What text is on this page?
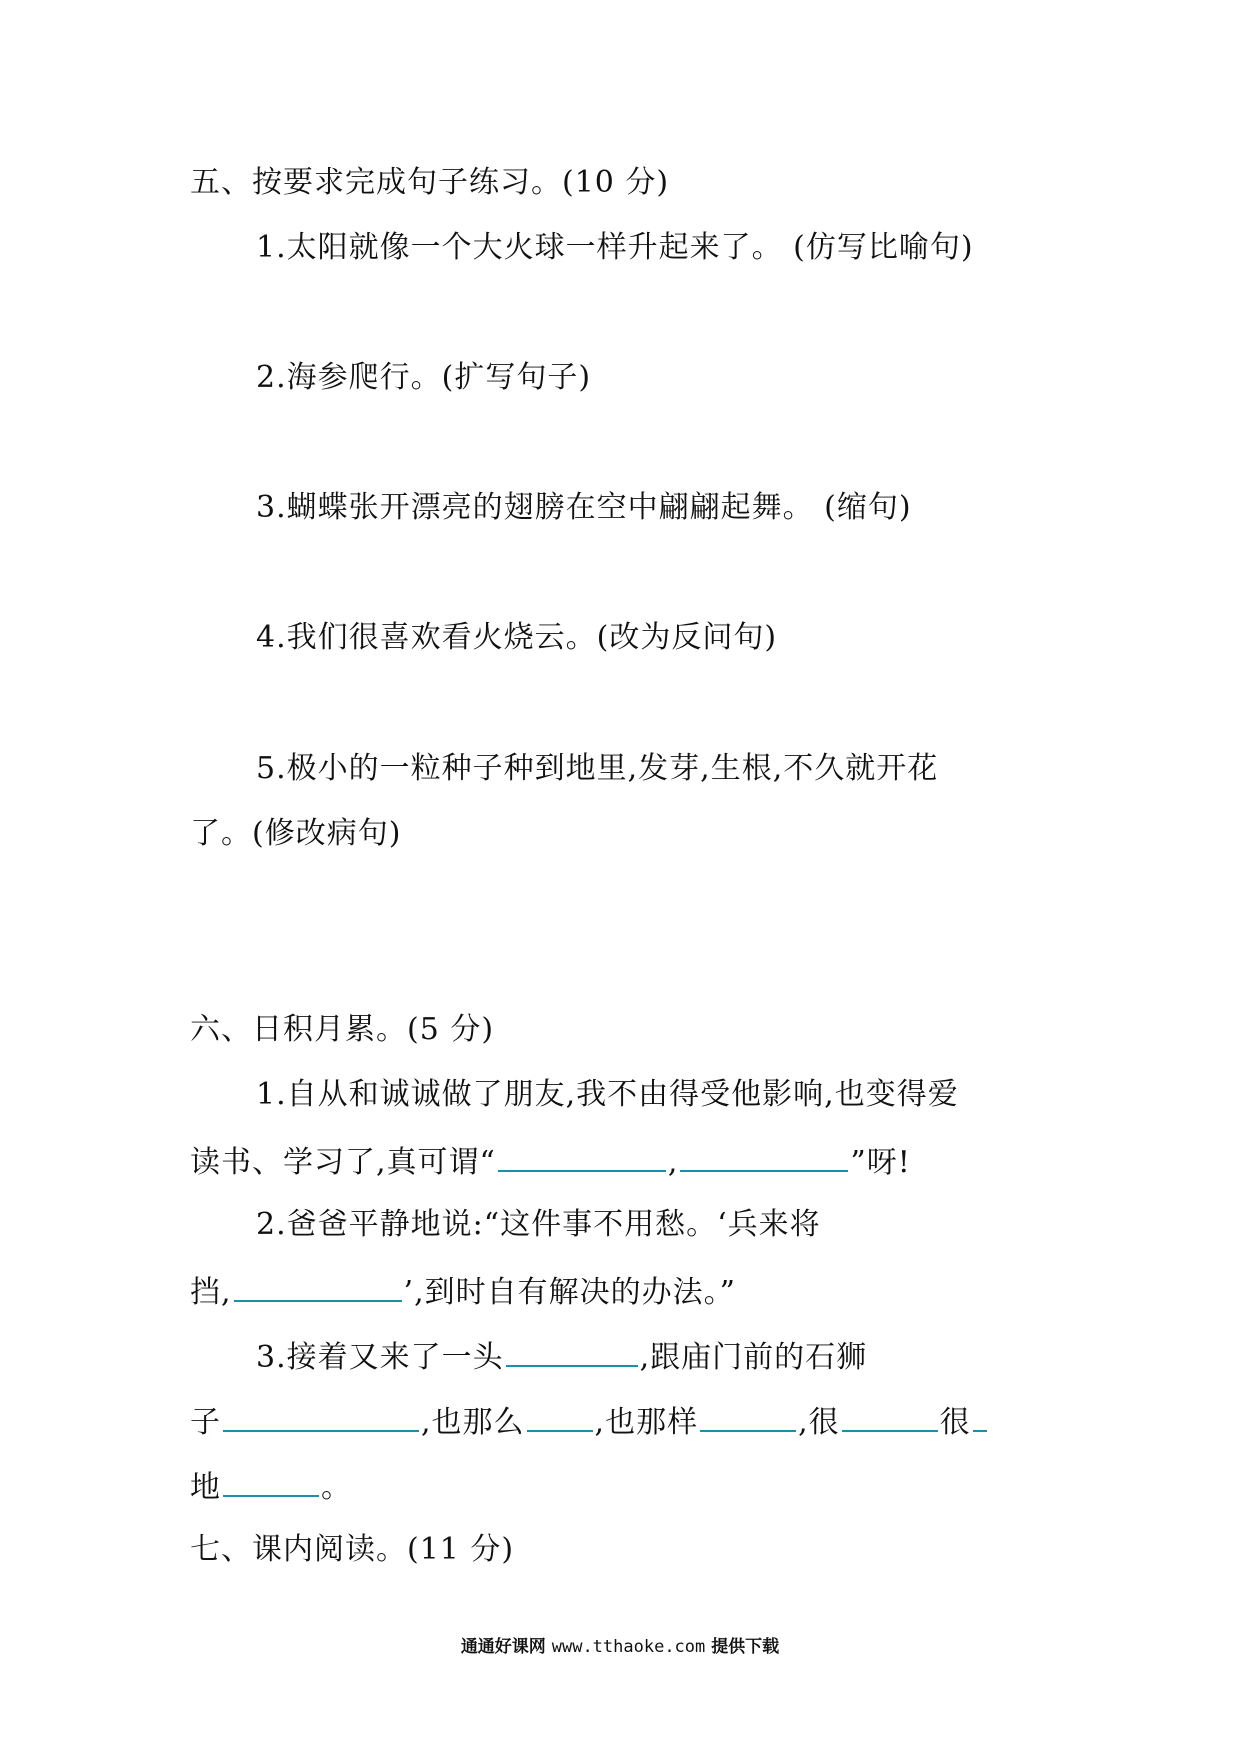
五、按要求完成句子练习。(10 分)
1.太阳就像一个大火球一样升起来了。 (仿写比喻句)
2.海参爬行。(扩写句子)
3.蝴蝶张开漂亮的翅膀在空中翩翩起舞。 (缩句)
4.我们很喜欢看火烧云。(改为反问句)
5.极小的一粒种子种到地里,发芽,生根,不久就开花
了。(修改病句)
六、日积月累。(5 分)
1.自从和诚诚做了朋友,我不由得受他影响,也变得爱
读书、学习了,真可谓“	,	”呀!
2.爸爸平静地说:“这件事不用愁。‘兵来将
挡,	’,到时自有解决的办法。”
3.接着又来了一头	,跟庙门前的石狮
子	,也那么 ,也那样	,很	很
地	。
七、课内阅读。(11 分)
通通好课网 www.tthaoke.com 提供下载
